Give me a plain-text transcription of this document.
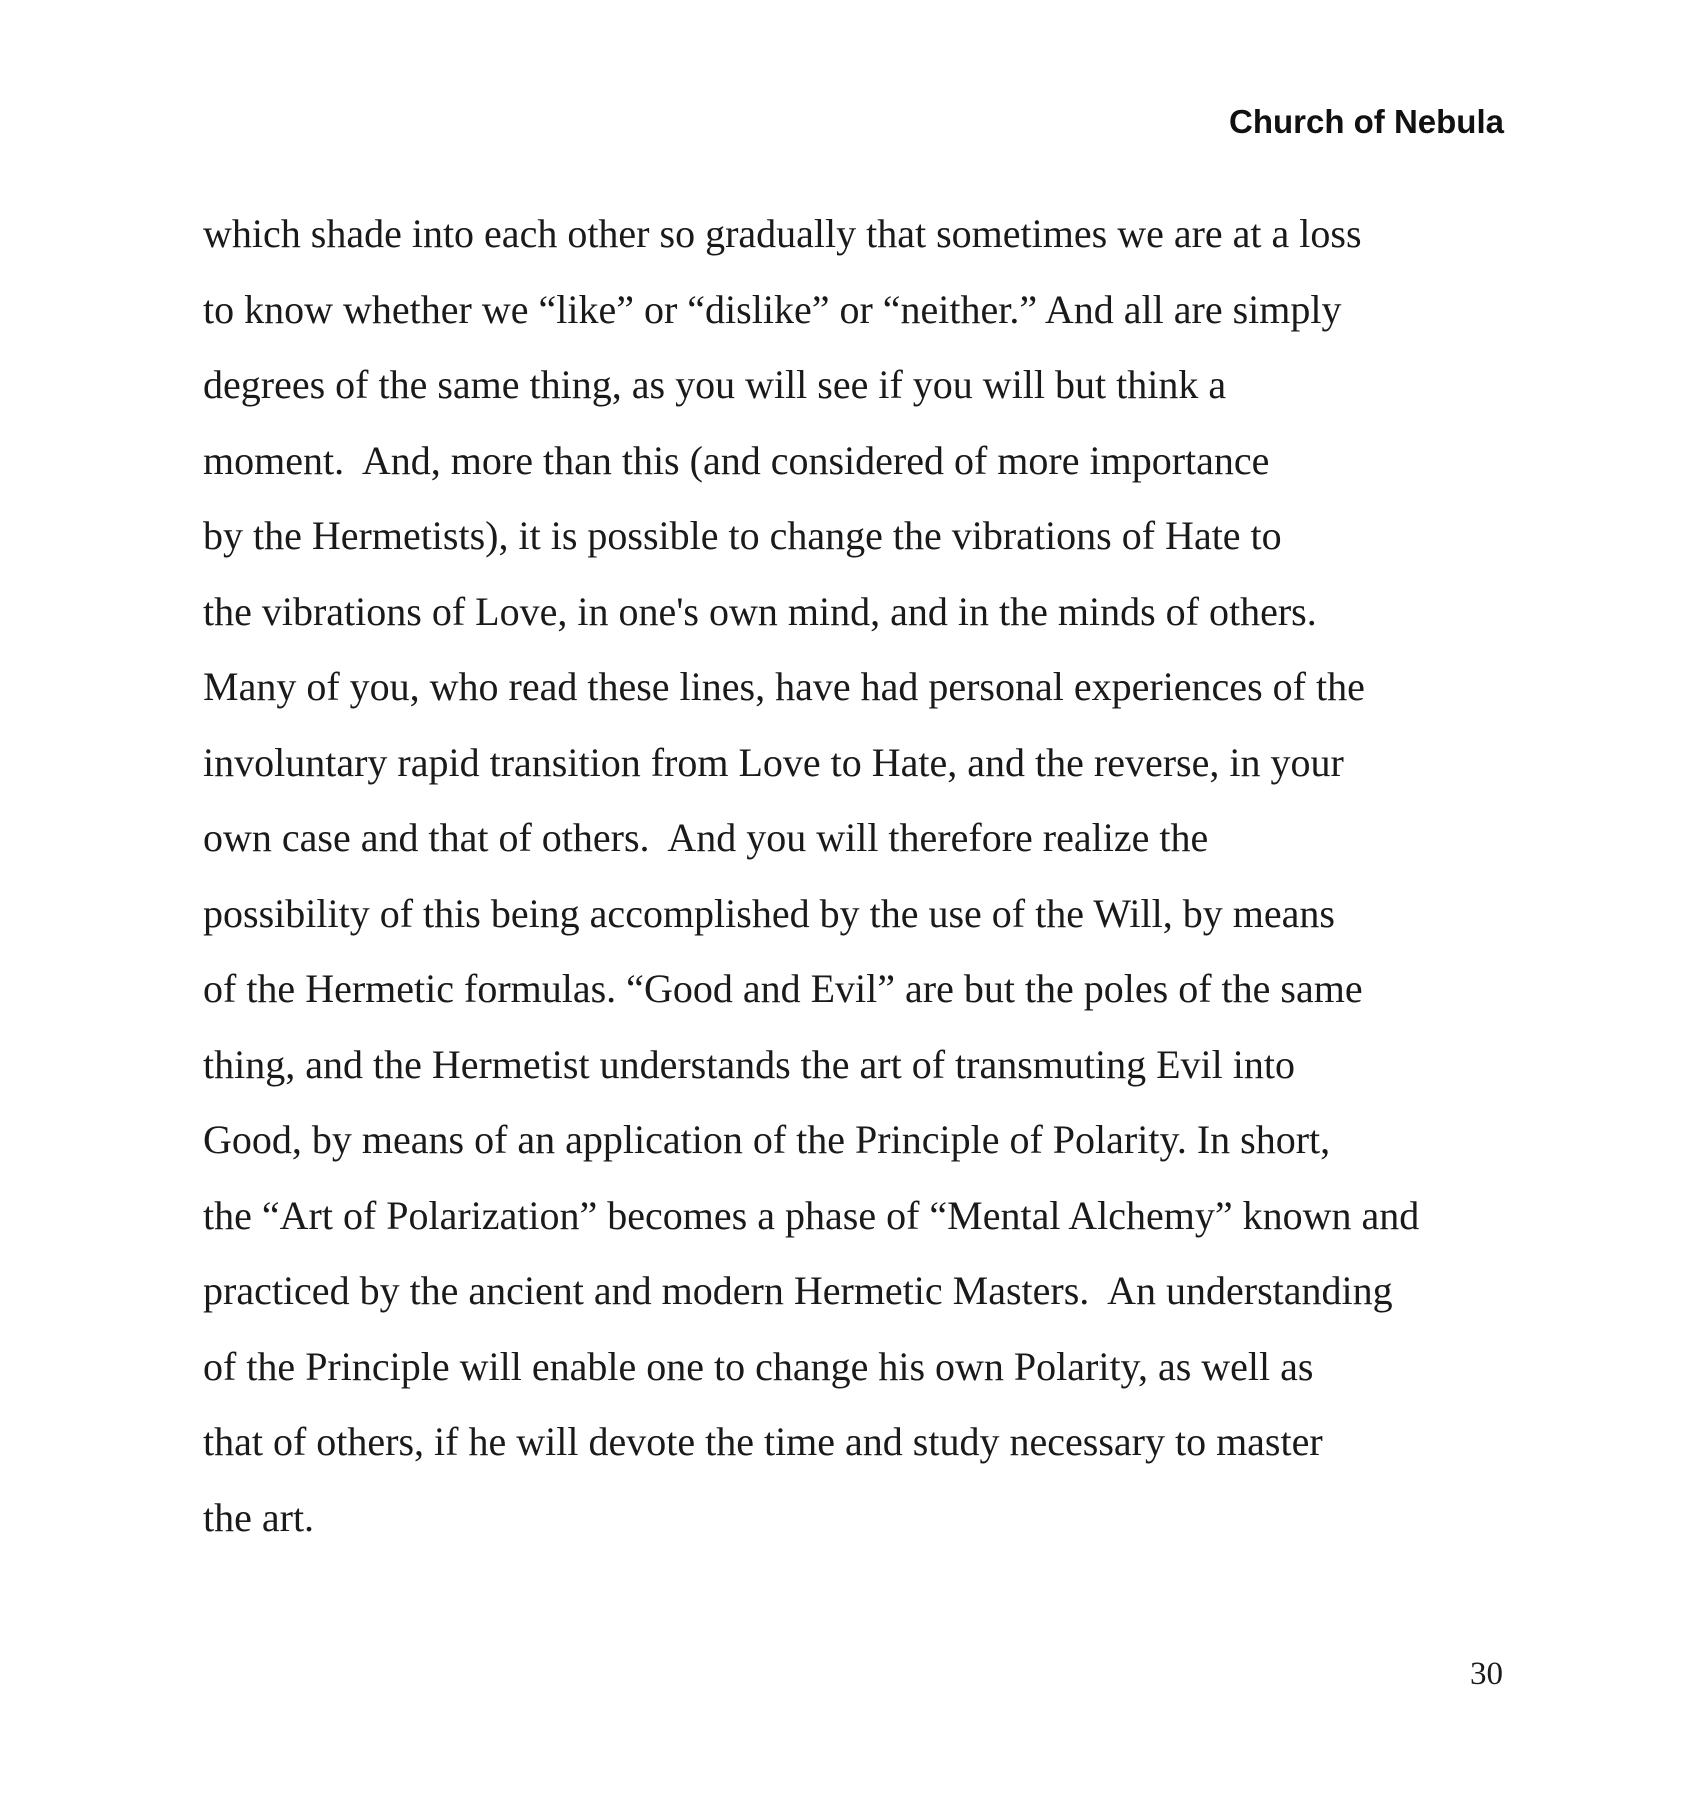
Church of Nebula
which shade into each other so gradually that sometimes we are at a loss
to know whether we “like” or “dislike” or “neither.” And all are simply
degrees of the same thing, as you will see if you will but think a
moment.  And, more than this (and considered of more importance
by the Hermetists), it is possible to change the vibrations of Hate to
the vibrations of Love, in one's own mind, and in the minds of others.
Many of you, who read these lines, have had personal experiences of the
involuntary rapid transition from Love to Hate, and the reverse, in your
own case and that of others.  And you will therefore realize the
possibility of this being accomplished by the use of the Will, by means
of the Hermetic formulas. “Good and Evil” are but the poles of the same
thing, and the Hermetist understands the art of transmuting Evil into
Good, by means of an application of the Principle of Polarity. In short,
the “Art of Polarization” becomes a phase of “Mental Alchemy” known and
practiced by the ancient and modern Hermetic Masters.  An understanding
of the Principle will enable one to change his own Polarity, as well as
that of others, if he will devote the time and study necessary to master
the art.
30
